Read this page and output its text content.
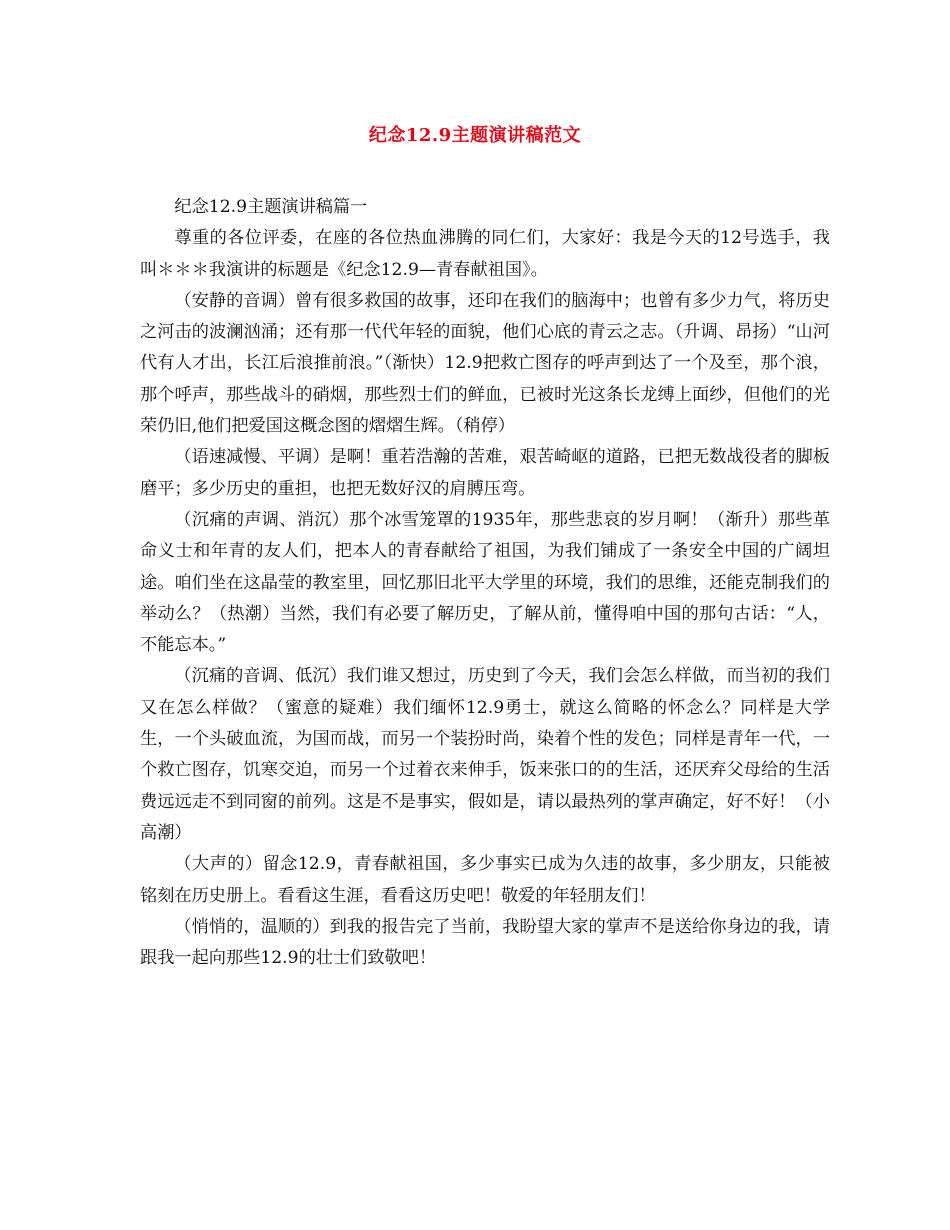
纪念12.9主题演讲稿范文

纪念12.9主题演讲稿篇一

尊重的各位评委，在座的各位热血沸腾的同仁们，大家好：我是今天的12号选手，我叫＊＊＊我演讲的标题是《纪念12.9—青春献祖国》。

（安静的音调）曾有很多救国的故事，还印在我们的脑海中；也曾有多少力气，将历史之河击的波澜汹涌；还有那一代代年轻的面貌，他们心底的青云之志。（升调、昂扬）“山河代有人才出，长江后浪推前浪。”（渐快）12.9把救亡图存的呼声到达了一个及至，那个浪，那个呼声，那些战斗的硝烟，那些烈士们的鲜血，已被时光这条长龙缚上面纱，但他们的光荣仍旧,他们把爱国这概念图的熠熠生辉。（稍停）

（语速减慢、平调）是啊！重若浩瀚的苦难，艰苦崎岖的道路，已把无数战役者的脚板磨平；多少历史的重担，也把无数好汉的肩膊压弯。

（沉痛的声调、消沉）那个冰雪笼罩的1935年，那些悲哀的岁月啊！（渐升）那些革命义士和年青的友人们，把本人的青春献给了祖国，为我们铺成了一条安全中国的广阔坦途。咱们坐在这晶莹的教室里，回忆那旧北平大学里的环境，我们的思维，还能克制我们的举动么？（热潮）当然，我们有必要了解历史，了解从前，懂得咱中国的那句古话：“人，不能忘本。”

（沉痛的音调、低沉）我们谁又想过，历史到了今天，我们会怎么样做，而当初的我们又在怎么样做？（蜜意的疑难）我们缅怀12.9勇士，就这么简略的怀念么？同样是大学生，一个头破血流，为国而战，而另一个装扮时尚，染着个性的发色；同样是青年一代，一个救亡图存，饥寒交迫，而另一个过着衣来伸手，饭来张口的的生活，还厌弃父母给的生活费远远走不到同窗的前列。这是不是事实，假如是，请以最热列的掌声确定，好不好！（小高潮）

（大声的）留念12.9，青春献祖国，多少事实已成为久违的故事，多少朋友，只能被铭刻在历史册上。看看这生涯，看看这历史吧！敬爱的年轻朋友们！

（悄悄的，温顺的）到我的报告完了当前，我盼望大家的掌声不是送给你身边的我，请跟我一起向那些12.9的壮士们致敬吧！
